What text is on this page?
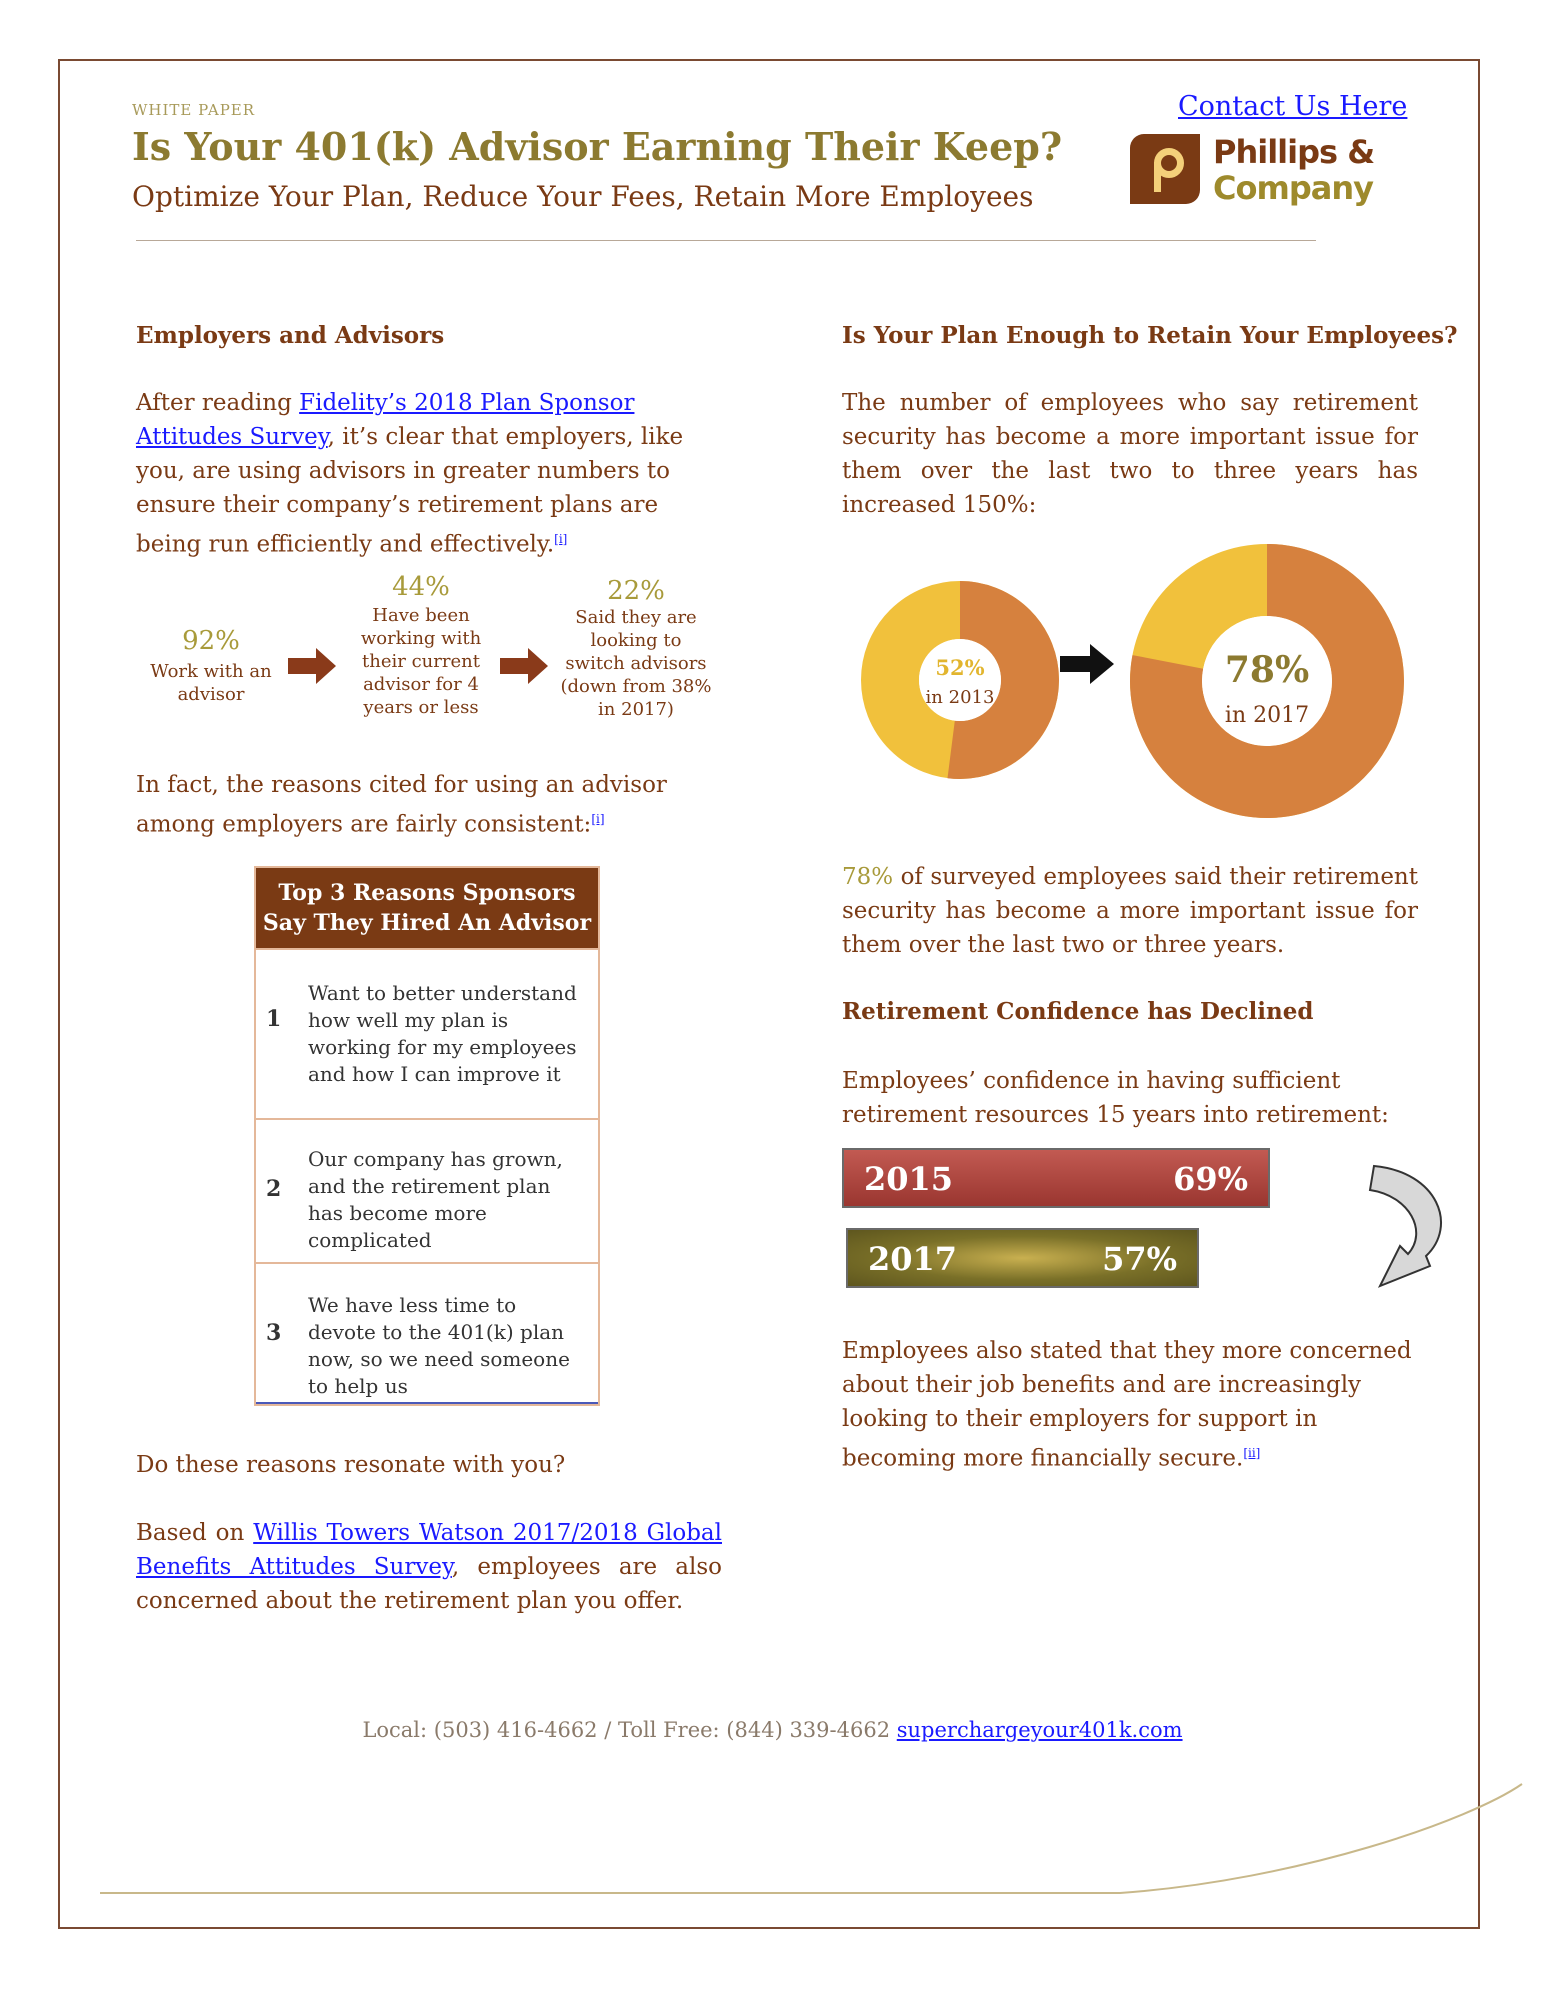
WHITE PAPER
Is Your 401(k) Advisor Earning Their Keep?
Optimize Your Plan, Reduce Your Fees, Retain More Employees
Contact Us Here
Phillips &
Company
Employers and Advisors
After reading Fidelity’s 2018 Plan Sponsor Attitudes Survey, it’s clear that employers, like you, are using advisors in greater numbers to ensure their company’s retirement plans are being run efficiently and effectively.[i]
92%
Work with an advisor
44%
Have been working with their current advisor for 4 years or less
22%
Said they are looking to switch advisors (down from 38% in 2017)
In fact, the reasons cited for using an advisor among employers are fairly consistent:[i]
Top 3 Reasons Sponsors Say They Hired An Advisor
1
Want to better understand how well my plan is working for my employees and how I can improve it
2
Our company has grown, and the retirement plan has become more complicated
3
We have less time to devote to the 401(k) plan now, so we need someone to help us
Do these reasons resonate with you?
Based on Willis Towers Watson 2017/2018 Global Benefits Attitudes Survey, employees are also concerned about the retirement plan you offer.
Is Your Plan Enough to Retain Your Employees?
The number of employees who say retirement security has become a more important issue for them over the last two to three years has increased 150%:
52%
in 2013
78%
in 2017
78% of surveyed employees said their retirement security has become a more important issue for them over the last two or three years.
Retirement Confidence has Declined
Employees’ confidence in having sufficient retirement resources 15 years into retirement:
2015	69%
2017	57%
Employees also stated that they more concerned about their job benefits and are increasingly looking to their employers for support in becoming more financially secure.[ii]
Local: (503) 416-4662 / Toll Free: (844) 339-4662 superchargeyour401k.com
